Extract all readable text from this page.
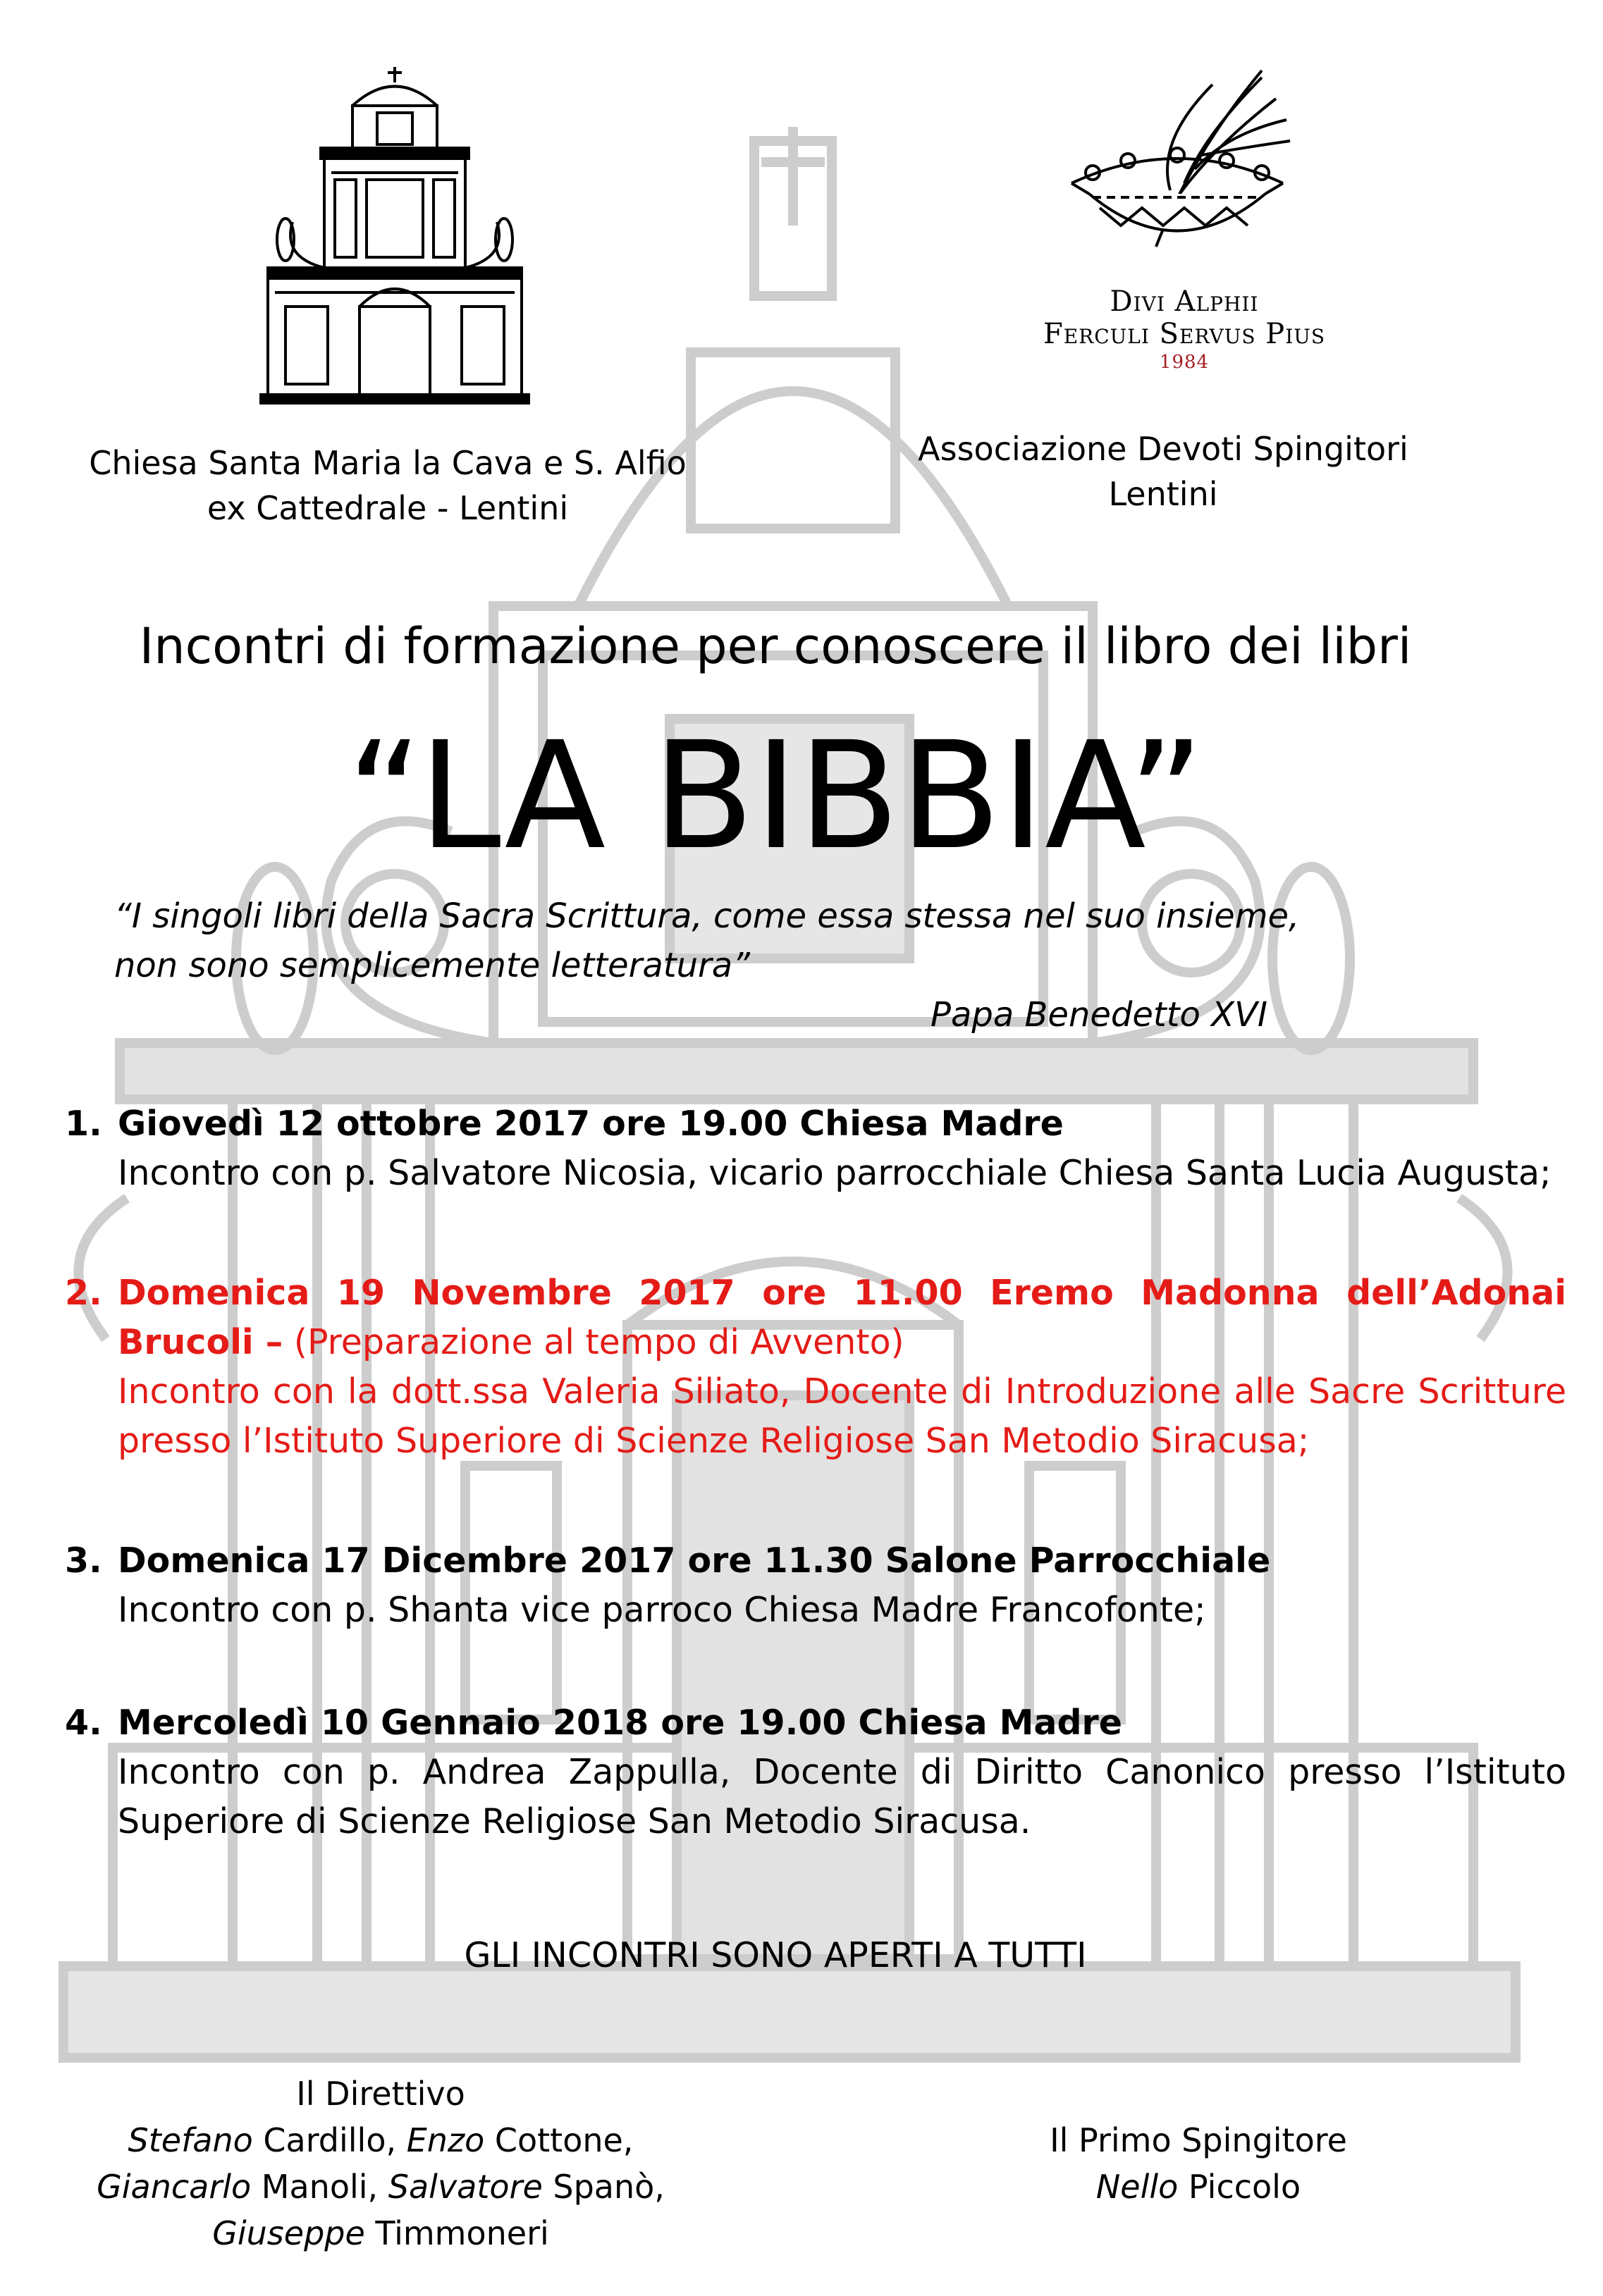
Divi Alphii
Ferculi Servus Pius
1984
Chiesa Santa Maria la Cava e S. Alfio
ex Cattedrale - Lentini
Associazione Devoti Spingitori
Lentini
Incontri di formazione per conoscere il libro dei libri
“LA BIBBIA”
“I singoli libri della Sacra Scrittura, come essa stessa nel suo insieme,
non sono semplicemente letteratura”
Papa Benedetto XVI
1. Giovedì 12 ottobre 2017 ore 19.00 Chiesa Madre
Incontro con p. Salvatore Nicosia, vicario parrocchiale Chiesa Santa Lucia Augusta;
2. Domenica 19 Novembre 2017 ore 11.00 Eremo Madonna dell’Adonai Brucoli – (Preparazione al tempo di Avvento)
Incontro con la dott.ssa Valeria Siliato, Docente di Introduzione alle Sacre Scritture presso l’Istituto Superiore di Scienze Religiose San Metodio Siracusa;
3. Domenica 17 Dicembre 2017 ore 11.30 Salone Parrocchiale
Incontro con p. Shanta vice parroco Chiesa Madre Francofonte;
4. Mercoledì 10 Gennaio 2018 ore 19.00 Chiesa Madre
Incontro con p. Andrea Zappulla, Docente di Diritto Canonico presso l’Istituto Superiore di Scienze Religiose San Metodio Siracusa.
GLI INCONTRI SONO APERTI A TUTTI
Il Direttivo
Stefano Cardillo, Enzo Cottone,
Giancarlo Manoli, Salvatore Spanò,
Giuseppe Timmoneri
Il Primo Spingitore
Nello Piccolo
